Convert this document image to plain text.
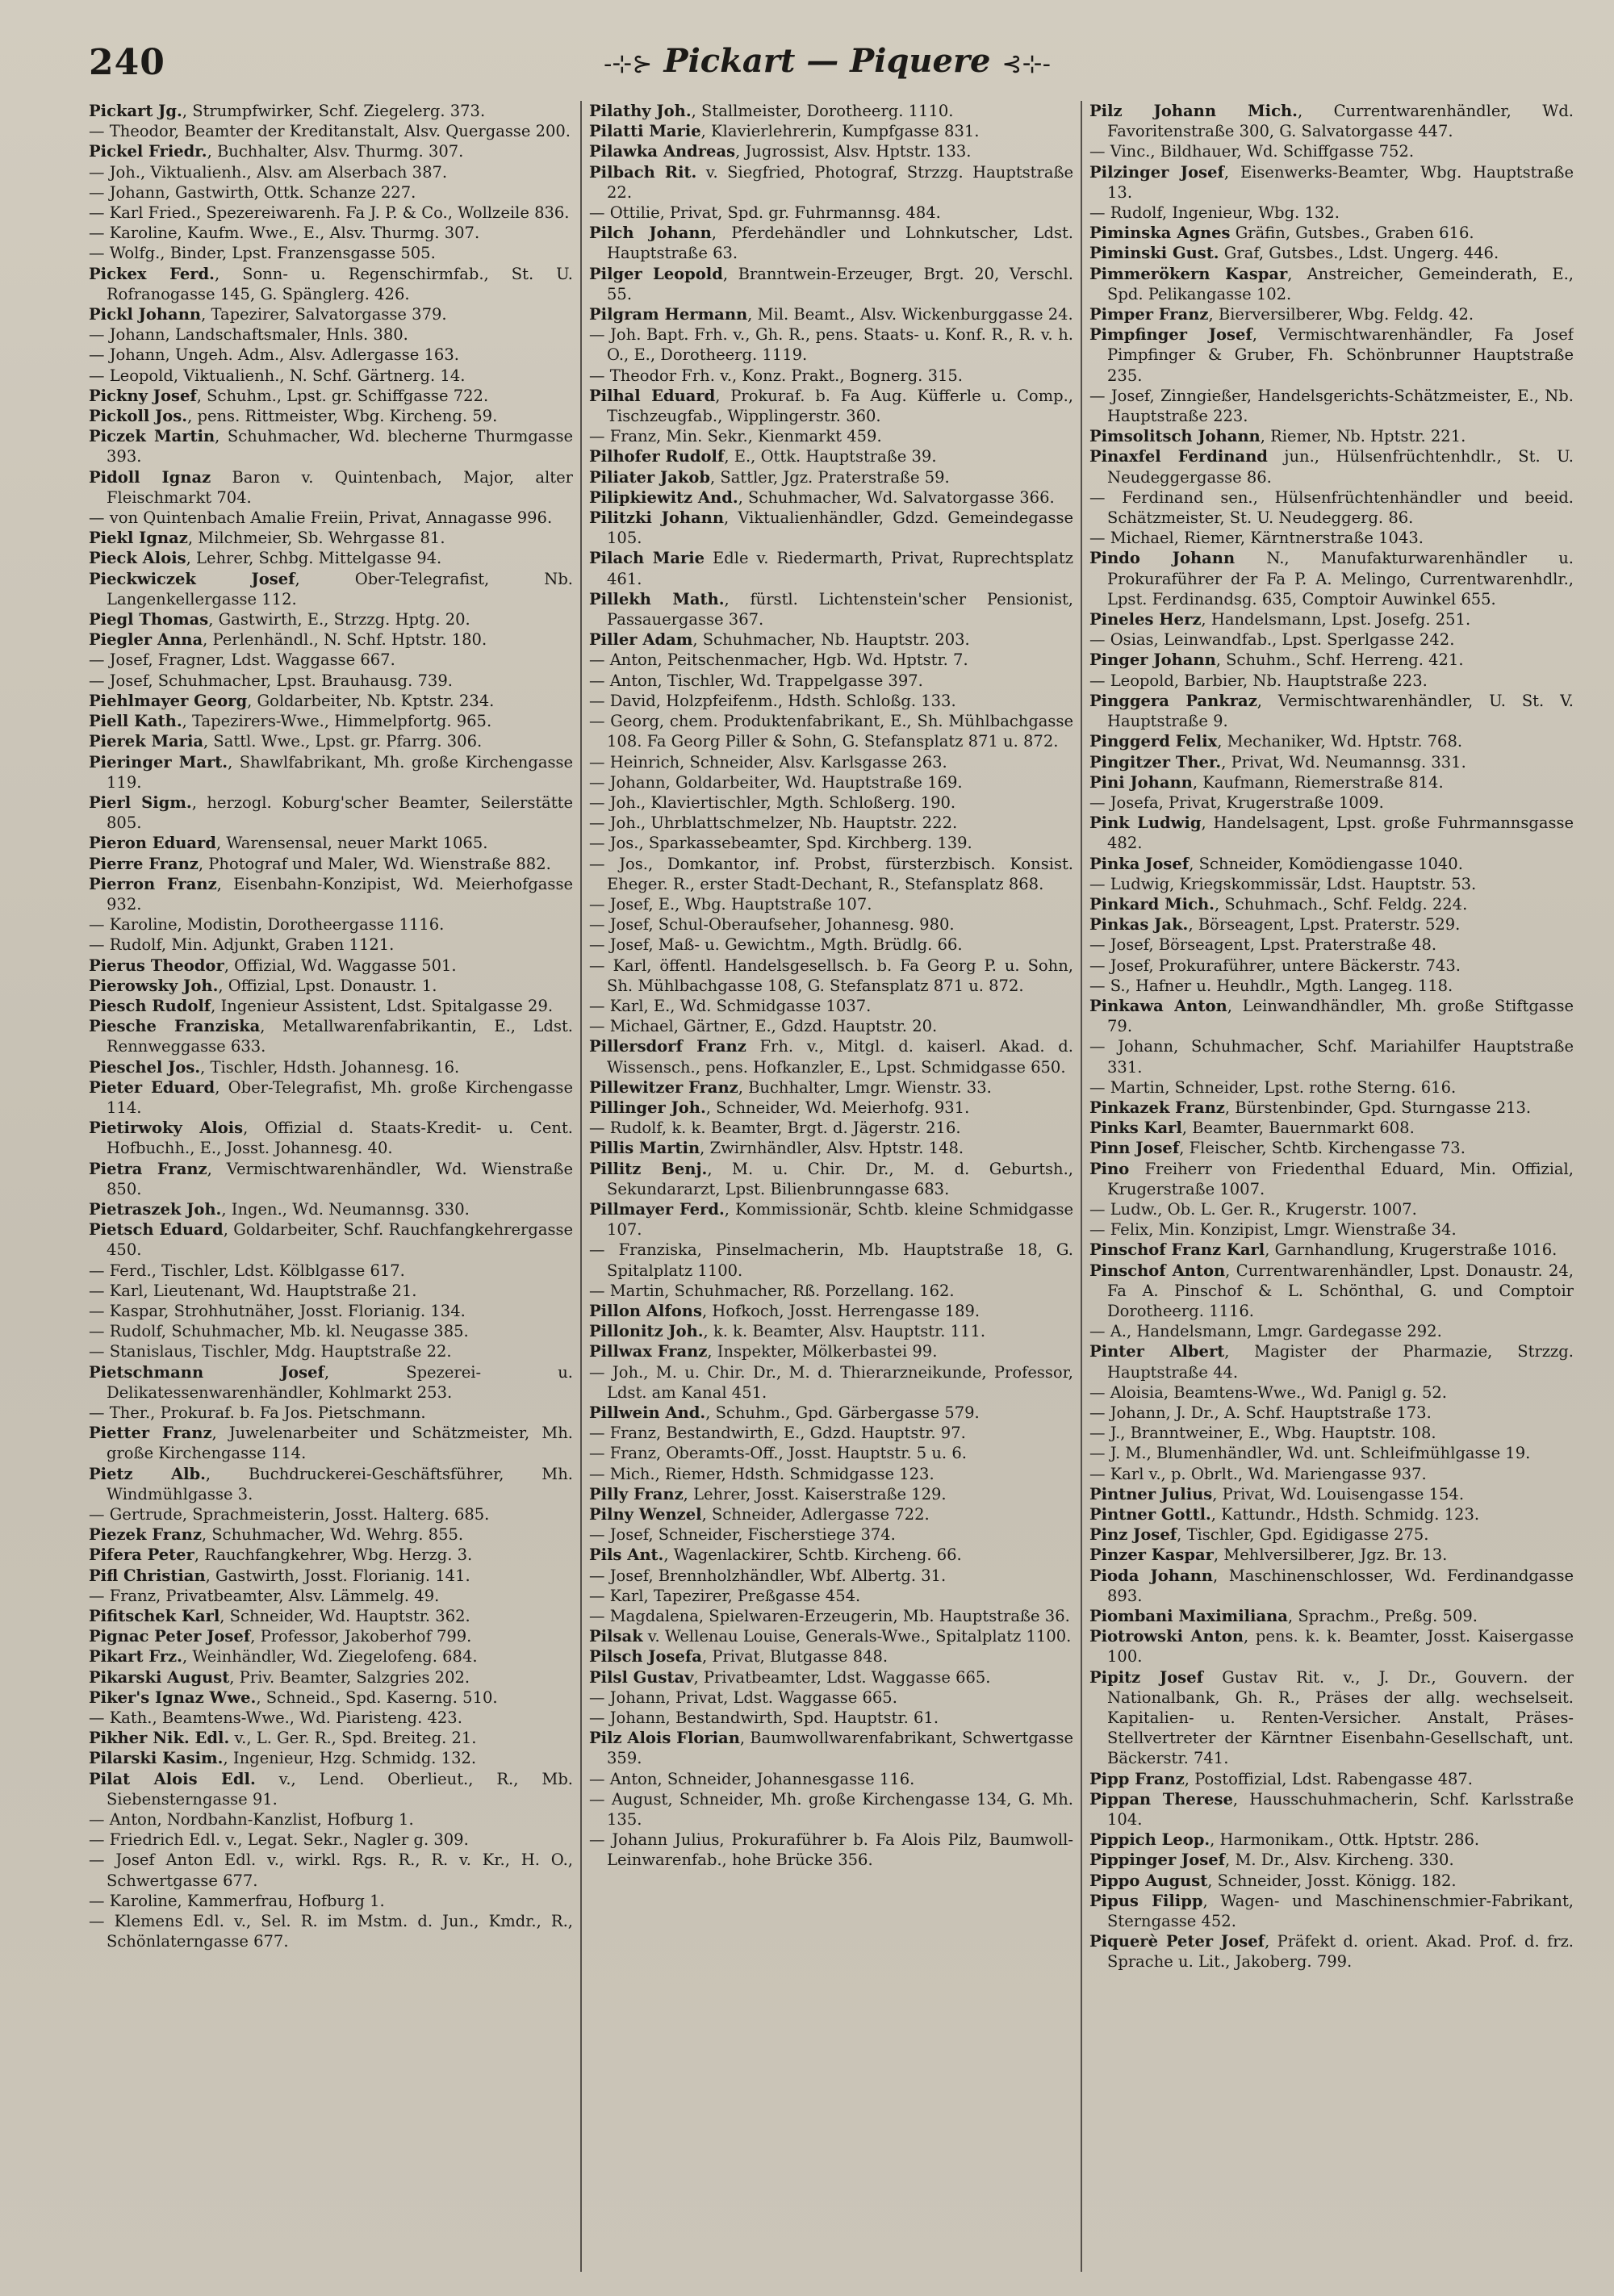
240	-⊹⊱ Pickart — Piquere ⊰⊹-
Pickart Jg., Strumpfwirker, Schf. Ziegelerg. 373.
— Theodor, Beamter der Kreditanstalt, Alsv. Quergasse 200.
Pickel Friedr., Buchhalter, Alsv. Thurmg. 307.
— Joh., Viktualienh., Alsv. am Alserbach 387.
— Johann, Gastwirth, Ottk. Schanze 227.
— Karl Fried., Spezereiwarenh. Fa J. P. & Co., Wollzeile 836.
— Karoline, Kaufm. Wwe., E., Alsv. Thurmg. 307.
— Wolfg., Binder, Lpst. Franzensgasse 505.
Pickex Ferd., Sonn- u. Regenschirmfab., St. U. Rofranogasse 145, G. Spänglerg. 426.
Pickl Johann, Tapezirer, Salvatorgasse 379.
— Johann, Landschaftsmaler, Hnls. 380.
— Johann, Ungeh. Adm., Alsv. Adlergasse 163.
— Leopold, Viktualienh., N. Schf. Gärtnerg. 14.
Pickny Josef, Schuhm., Lpst. gr. Schiffgasse 722.
Pickoll Jos., pens. Rittmeister, Wbg. Kircheng. 59.
Piczek Martin, Schuhmacher, Wd. blecherne Thurmgasse 393.
Pidoll Ignaz Baron v. Quintenbach, Major, alter Fleischmarkt 704.
— von Quintenbach Amalie Freiin, Privat, Annagasse 996.
Piekl Ignaz, Milchmeier, Sb. Wehrgasse 81.
Pieck Alois, Lehrer, Schbg. Mittelgasse 94.
Pieckwiczek Josef, Ober-Telegrafist, Nb. Langenkellergasse 112.
Piegl Thomas, Gastwirth, E., Strzzg. Hptg. 20.
Piegler Anna, Perlenhändl., N. Schf. Hptstr. 180.
— Josef, Fragner, Ldst. Waggasse 667.
— Josef, Schuhmacher, Lpst. Brauhausg. 739.
Piehlmayer Georg, Goldarbeiter, Nb. Kptstr. 234.
Piell Kath., Tapezirers-Wwe., Himmelpfortg. 965.
Pierek Maria, Sattl. Wwe., Lpst. gr. Pfarrg. 306.
Pieringer Mart., Shawlfabrikant, Mh. große Kirchengasse 119.
Pierl Sigm., herzogl. Koburg'scher Beamter, Seilerstätte 805.
Pieron Eduard, Warensensal, neuer Markt 1065.
Pierre Franz, Photograf und Maler, Wd. Wienstraße 882.
Pierron Franz, Eisenbahn-Konzipist, Wd. Meierhofgasse 932.
— Karoline, Modistin, Dorotheergasse 1116.
— Rudolf, Min. Adjunkt, Graben 1121.
Pierus Theodor, Offizial, Wd. Waggasse 501.
Pierowsky Joh., Offizial, Lpst. Donaustr. 1.
Piesch Rudolf, Ingenieur Assistent, Ldst. Spitalgasse 29.
Piesche Franziska, Metallwarenfabrikantin, E., Ldst. Rennweggasse 633.
Pieschel Jos., Tischler, Hdsth. Johannesg. 16.
Pieter Eduard, Ober-Telegrafist, Mh. große Kirchengasse 114.
Pietirwoky Alois, Offizial d. Staats-Kredit- u. Cent. Hofbuchh., E., Josst. Johannesg. 40.
Pietra Franz, Vermischtwarenhändler, Wd. Wienstraße 850.
Pietraszek Joh., Ingen., Wd. Neumannsg. 330.
Pietsch Eduard, Goldarbeiter, Schf. Rauchfangkehrergasse 450.
— Ferd., Tischler, Ldst. Kölblgasse 617.
— Karl, Lieutenant, Wd. Hauptstraße 21.
— Kaspar, Strohhutnäher, Josst. Florianig. 134.
— Rudolf, Schuhmacher, Mb. kl. Neugasse 385.
— Stanislaus, Tischler, Mdg. Hauptstraße 22.
Pietschmann Josef, Spezerei- u. Delikatessenwarenhändler, Kohlmarkt 253.
— Ther., Prokuraf. b. Fa Jos. Pietschmann.
Pietter Franz, Juwelenarbeiter und Schätzmeister, Mh. große Kirchengasse 114.
Pietz Alb., Buchdruckerei-Geschäftsführer, Mh. Windmühlgasse 3.
— Gertrude, Sprachmeisterin, Josst. Halterg. 685.
Piezek Franz, Schuhmacher, Wd. Wehrg. 855.
Pifera Peter, Rauchfangkehrer, Wbg. Herzg. 3.
Pifl Christian, Gastwirth, Josst. Florianig. 141.
— Franz, Privatbeamter, Alsv. Lämmelg. 49.
Pifitschek Karl, Schneider, Wd. Hauptstr. 362.
Pignac Peter Josef, Professor, Jakoberhof 799.
Pikart Frz., Weinhändler, Wd. Ziegelofeng. 684.
Pikarski August, Priv. Beamter, Salzgries 202.
Piker's Ignaz Wwe., Schneid., Spd. Kaserng. 510.
— Kath., Beamtens-Wwe., Wd. Piaristeng. 423.
Pikher Nik. Edl. v., L. Ger. R., Spd. Breiteg. 21.
Pilarski Kasim., Ingenieur, Hzg. Schmidg. 132.
Pilat Alois Edl. v., Lend. Oberlieut., R., Mb. Siebensterngasse 91.
— Anton, Nordbahn-Kanzlist, Hofburg 1.
— Friedrich Edl. v., Legat. Sekr., Nagler g. 309.
— Josef Anton Edl. v., wirkl. Rgs. R., R. v. Kr., H. O., Schwertgasse 677.
— Karoline, Kammerfrau, Hofburg 1.
— Klemens Edl. v., Sel. R. im Mstm. d. Jun., Kmdr., R., Schönlaterngasse 677.
Pilathy Joh., Stallmeister, Dorotheerg. 1110.
Pilatti Marie, Klavierlehrerin, Kumpfgasse 831.
Pilawka Andreas, Jugrossist, Alsv. Hptstr. 133.
Pilbach Rit. v. Siegfried, Photograf, Strzzg. Hauptstraße 22.
— Ottilie, Privat, Spd. gr. Fuhrmannsg. 484.
Pilch Johann, Pferdehändler und Lohnkutscher, Ldst. Hauptstraße 63.
Pilger Leopold, Branntwein-Erzeuger, Brgt. 20, Verschl. 55.
Pilgram Hermann, Mil. Beamt., Alsv. Wickenburggasse 24.
— Joh. Bapt. Frh. v., Gh. R., pens. Staats- u. Konf. R., R. v. h. O., E., Dorotheerg. 1119.
— Theodor Frh. v., Konz. Prakt., Bognerg. 315.
Pilhal Eduard, Prokuraf. b. Fa Aug. Küfferle u. Comp., Tischzeugfab., Wipplingerstr. 360.
— Franz, Min. Sekr., Kienmarkt 459.
Pilhofer Rudolf, E., Ottk. Hauptstraße 39.
Piliater Jakob, Sattler, Jgz. Praterstraße 59.
Pilipkiewitz And., Schuhmacher, Wd. Salvatorgasse 366.
Pilitzki Johann, Viktualienhändler, Gdzd. Gemeindegasse 105.
Pilach Marie Edle v. Riedermarth, Privat, Ruprechtsplatz 461.
Pillekh Math., fürstl. Lichtenstein'scher Pensionist, Passauergasse 367.
Piller Adam, Schuhmacher, Nb. Hauptstr. 203.
— Anton, Peitschenmacher, Hgb. Wd. Hptstr. 7.
— Anton, Tischler, Wd. Trappelgasse 397.
— David, Holzpfeifenm., Hdsth. Schloßg. 133.
— Georg, chem. Produktenfabrikant, E., Sh. Mühlbachgasse 108. Fa Georg Piller & Sohn, G. Stefansplatz 871 u. 872.
— Heinrich, Schneider, Alsv. Karlsgasse 263.
— Johann, Goldarbeiter, Wd. Hauptstraße 169.
— Joh., Klaviertischler, Mgth. Schloßerg. 190.
— Joh., Uhrblattschmelzer, Nb. Hauptstr. 222.
— Jos., Sparkassebeamter, Spd. Kirchberg. 139.
— Jos., Domkantor, inf. Probst, fürsterzbisch. Konsist. Eheger. R., erster Stadt-Dechant, R., Stefansplatz 868.
— Josef, E., Wbg. Hauptstraße 107.
— Josef, Schul-Oberaufseher, Johannesg. 980.
— Josef, Maß- u. Gewichtm., Mgth. Brüdlg. 66.
— Karl, öffentl. Handelsgesellsch. b. Fa Georg P. u. Sohn, Sh. Mühlbachgasse 108, G. Stefansplatz 871 u. 872.
— Karl, E., Wd. Schmidgasse 1037.
— Michael, Gärtner, E., Gdzd. Hauptstr. 20.
Pillersdorf Franz Frh. v., Mitgl. d. kaiserl. Akad. d. Wissensch., pens. Hofkanzler, E., Lpst. Schmidgasse 650.
Pillewitzer Franz, Buchhalter, Lmgr. Wienstr. 33.
Pillinger Joh., Schneider, Wd. Meierhofg. 931.
— Rudolf, k. k. Beamter, Brgt. d. Jägerstr. 216.
Pillis Martin, Zwirnhändler, Alsv. Hptstr. 148.
Pillitz Benj., M. u. Chir. Dr., M. d. Geburtsh., Sekundararzt, Lpst. Bilienbrunngasse 683.
Pillmayer Ferd., Kommissionär, Schtb. kleine Schmidgasse 107.
— Franziska, Pinselmacherin, Mb. Hauptstraße 18, G. Spitalplatz 1100.
— Martin, Schuhmacher, Rß. Porzellang. 162.
Pillon Alfons, Hofkoch, Josst. Herrengasse 189.
Pillonitz Joh., k. k. Beamter, Alsv. Hauptstr. 111.
Pillwax Franz, Inspekter, Mölkerbastei 99.
— Joh., M. u. Chir. Dr., M. d. Thierarzneikunde, Professor, Ldst. am Kanal 451.
Pillwein And., Schuhm., Gpd. Gärbergasse 579.
— Franz, Bestandwirth, E., Gdzd. Hauptstr. 97.
— Franz, Oberamts-Off., Josst. Hauptstr. 5 u. 6.
— Mich., Riemer, Hdsth. Schmidgasse 123.
Pilly Franz, Lehrer, Josst. Kaiserstraße 129.
Pilny Wenzel, Schneider, Adlergasse 722.
— Josef, Schneider, Fischerstiege 374.
Pils Ant., Wagenlackirer, Schtb. Kircheng. 66.
— Josef, Brennholzhändler, Wbf. Albertg. 31.
— Karl, Tapezirer, Preßgasse 454.
— Magdalena, Spielwaren-Erzeugerin, Mb. Hauptstraße 36.
Pilsak v. Wellenau Louise, Generals-Wwe., Spitalplatz 1100.
Pilsch Josefa, Privat, Blutgasse 848.
Pilsl Gustav, Privatbeamter, Ldst. Waggasse 665.
— Johann, Privat, Ldst. Waggasse 665.
— Johann, Bestandwirth, Spd. Hauptstr. 61.
Pilz Alois Florian, Baumwollwarenfabrikant, Schwertgasse 359.
— Anton, Schneider, Johannesgasse 116.
— August, Schneider, Mh. große Kirchengasse 134, G. Mh. 135.
— Johann Julius, Prokuraführer b. Fa Alois Pilz, Baumwoll-Leinwarenfab., hohe Brücke 356.
Pilz Johann Mich., Currentwarenhändler, Wd. Favoritenstraße 300, G. Salvatorgasse 447.
— Vinc., Bildhauer, Wd. Schiffgasse 752.
Pilzinger Josef, Eisenwerks-Beamter, Wbg. Hauptstraße 13.
— Rudolf, Ingenieur, Wbg. 132.
Piminska Agnes Gräfin, Gutsbes., Graben 616.
Piminski Gust. Graf, Gutsbes., Ldst. Ungerg. 446.
Pimmerökern Kaspar, Anstreicher, Gemeinderath, E., Spd. Pelikangasse 102.
Pimper Franz, Bierversilberer, Wbg. Feldg. 42.
Pimpfinger Josef, Vermischtwarenhändler, Fa Josef Pimpfinger & Gruber, Fh. Schönbrunner Hauptstraße 235.
— Josef, Zinngießer, Handelsgerichts-Schätzmeister, E., Nb. Hauptstraße 223.
Pimsolitsch Johann, Riemer, Nb. Hptstr. 221.
Pinaxfel Ferdinand jun., Hülsenfrüchtenhdlr., St. U. Neudeggergasse 86.
— Ferdinand sen., Hülsenfrüchtenhändler und beeid. Schätzmeister, St. U. Neudeggerg. 86.
— Michael, Riemer, Kärntnerstraße 1043.
Pindo Johann N., Manufakturwarenhändler u. Prokuraführer der Fa P. A. Melingo, Currentwarenhdlr., Lpst. Ferdinandsg. 635, Comptoir Auwinkel 655.
Pineles Herz, Handelsmann, Lpst. Josefg. 251.
— Osias, Leinwandfab., Lpst. Sperlgasse 242.
Pinger Johann, Schuhm., Schf. Herreng. 421.
— Leopold, Barbier, Nb. Hauptstraße 223.
Pinggera Pankraz, Vermischtwarenhändler, U. St. V. Hauptstraße 9.
Pinggerd Felix, Mechaniker, Wd. Hptstr. 768.
Pingitzer Ther., Privat, Wd. Neumannsg. 331.
Pini Johann, Kaufmann, Riemerstraße 814.
— Josefa, Privat, Krugerstraße 1009.
Pink Ludwig, Handelsagent, Lpst. große Fuhrmannsgasse 482.
Pinka Josef, Schneider, Komödiengasse 1040.
— Ludwig, Kriegskommissär, Ldst. Hauptstr. 53.
Pinkard Mich., Schuhmach., Schf. Feldg. 224.
Pinkas Jak., Börseagent, Lpst. Praterstr. 529.
— Josef, Börseagent, Lpst. Praterstraße 48.
— Josef, Prokuraführer, untere Bäckerstr. 743.
— S., Hafner u. Heuhdlr., Mgth. Langeg. 118.
Pinkawa Anton, Leinwandhändler, Mh. große Stiftgasse 79.
— Johann, Schuhmacher, Schf. Mariahilfer Hauptstraße 331.
— Martin, Schneider, Lpst. rothe Sterng. 616.
Pinkazek Franz, Bürstenbinder, Gpd. Sturngasse 213.
Pinks Karl, Beamter, Bauernmarkt 608.
Pinn Josef, Fleischer, Schtb. Kirchengasse 73.
Pino Freiherr von Friedenthal Eduard, Min. Offizial, Krugerstraße 1007.
— Ludw., Ob. L. Ger. R., Krugerstr. 1007.
— Felix, Min. Konzipist, Lmgr. Wienstraße 34.
Pinschof Franz Karl, Garnhandlung, Krugerstraße 1016.
Pinschof Anton, Currentwarenhändler, Lpst. Donaustr. 24, Fa A. Pinschof & L. Schönthal, G. und Comptoir Dorotheerg. 1116.
— A., Handelsmann, Lmgr. Gardegasse 292.
Pinter Albert, Magister der Pharmazie, Strzzg. Hauptstraße 44.
— Aloisia, Beamtens-Wwe., Wd. Panigl g. 52.
— Johann, J. Dr., A. Schf. Hauptstraße 173.
— J., Branntweiner, E., Wbg. Hauptstr. 108.
— J. M., Blumenhändler, Wd. unt. Schleifmühlgasse 19.
— Karl v., p. Obrlt., Wd. Mariengasse 937.
Pintner Julius, Privat, Wd. Louisengasse 154.
Pintner Gottl., Kattundr., Hdsth. Schmidg. 123.
Pinz Josef, Tischler, Gpd. Egidigasse 275.
Pinzer Kaspar, Mehlversilberer, Jgz. Br. 13.
Pioda Johann, Maschinenschlosser, Wd. Ferdinandgasse 893.
Piombani Maximiliana, Sprachm., Preßg. 509.
Piotrowski Anton, pens. k. k. Beamter, Josst. Kaisergasse 100.
Pipitz Josef Gustav Rit. v., J. Dr., Gouvern. der Nationalbank, Gh. R., Präses der allg. wechselseit. Kapitalien- u. Renten-Versicher. Anstalt, Präses-Stellvertreter der Kärntner Eisenbahn-Gesellschaft, unt. Bäckerstr. 741.
Pipp Franz, Postoffizial, Ldst. Rabengasse 487.
Pippan Therese, Hausschuhmacherin, Schf. Karlsstraße 104.
Pippich Leop., Harmonikam., Ottk. Hptstr. 286.
Pippinger Josef, M. Dr., Alsv. Kircheng. 330.
Pippo August, Schneider, Josst. Königg. 182.
Pipus Filipp, Wagen- und Maschinenschmier-Fabrikant, Sterngasse 452.
Piquerè Peter Josef, Präfekt d. orient. Akad. Prof. d. frz. Sprache u. Lit., Jakoberg. 799.
